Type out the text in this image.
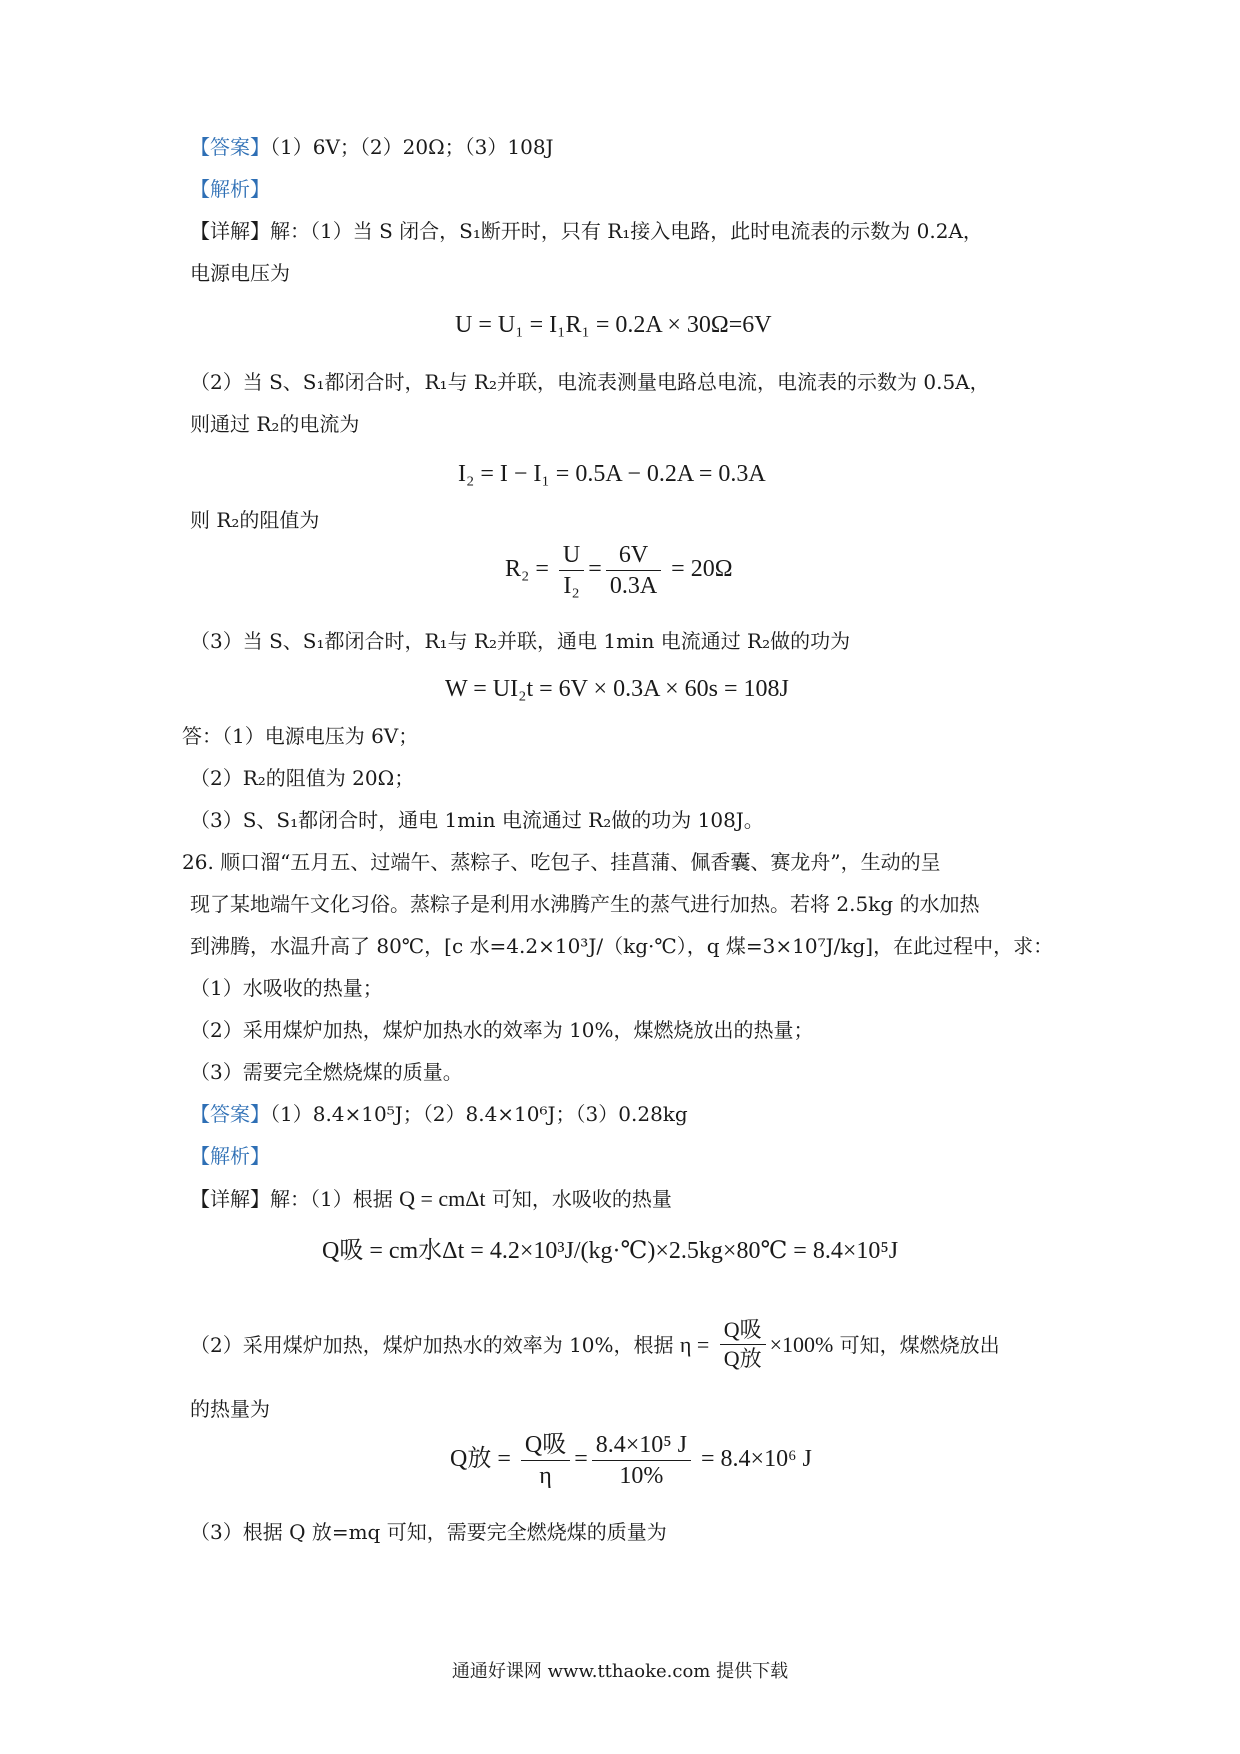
【答案】（1）6V；（2）20Ω；（3）108J
【解析】
【详解】解：（1）当 S 闭合，S₁断开时，只有 R₁接入电路，此时电流表的示数为 0.2A，
电源电压为
U = U₁ = I₁R₁ = 0.2A × 30Ω=6V
（2）当 S、S₁都闭合时，R₁与 R₂并联，电流表测量电路总电流，电流表的示数为 0.5A，
则通过 R₂的电流为
I₂ = I − I₁ = 0.5A − 0.2A = 0.3A
则 R₂的阻值为
$R_2 = \frac{U}{\text{I₂}} = \frac{6V}{0.3A} = 20\Omega$
（3）当 S、S₁都闭合时，R₁与 R₂并联，通电 1min 电流通过 R₂做的功为
W = UI₂t = 6V × 0.3A × 60s = 108J
答：（1）电源电压为 6V；
（2）R₂的阻值为 20Ω；
（3）S、S₁都闭合时，通电 1min 电流通过 R₂做的功为 108J。
26. 顺口溜“五月五、过端午、蒸粽子、吃包子、挂菖蒲、佩香囊、赛龙舟”，生动的呈
现了某地端午文化习俗。蒸粽子是利用水沸腾产生的蒸气进行加热。若将 2.5kg 的水加热
到沸腾，水温升高了 80℃，[c 水=4.2×10³J/（kg·℃），q 煤=3×10⁷J/kg]，在此过程中，求：
（1）水吸收的热量；
（2）采用煤炉加热，煤炉加热水的效率为 10%，煤燃烧放出的热量；
（3）需要完全燃烧煤的质量。
【答案】（1）8.4×10⁵J；（2）8.4×10⁶J；（3）0.28kg
【解析】
【详解】解：（1）根据 Q = cmΔt 可知，水吸收的热量
Q吸 = cm水Δt = 4.2×10³J/(kg·℃)×2.5kg×80℃ = 8.4×10⁵J
（2）采用煤炉加热，煤炉加热水的效率为 10%，根据 $\eta = \frac{\text{Q吸}}{\text{Q放}} \times 100\%$ 可知，煤燃烧放出
的热量为
Q放 = $\frac{\text{Q吸}}{\eta} = \frac{\text{8.4×10⁵ J}}{10\%} = 8.4\times 10^6$ J
（3）根据 Q 放=mq 可知，需要完全燃烧煤的质量为
通通好课网 www.tthaoke.com 提供下载
